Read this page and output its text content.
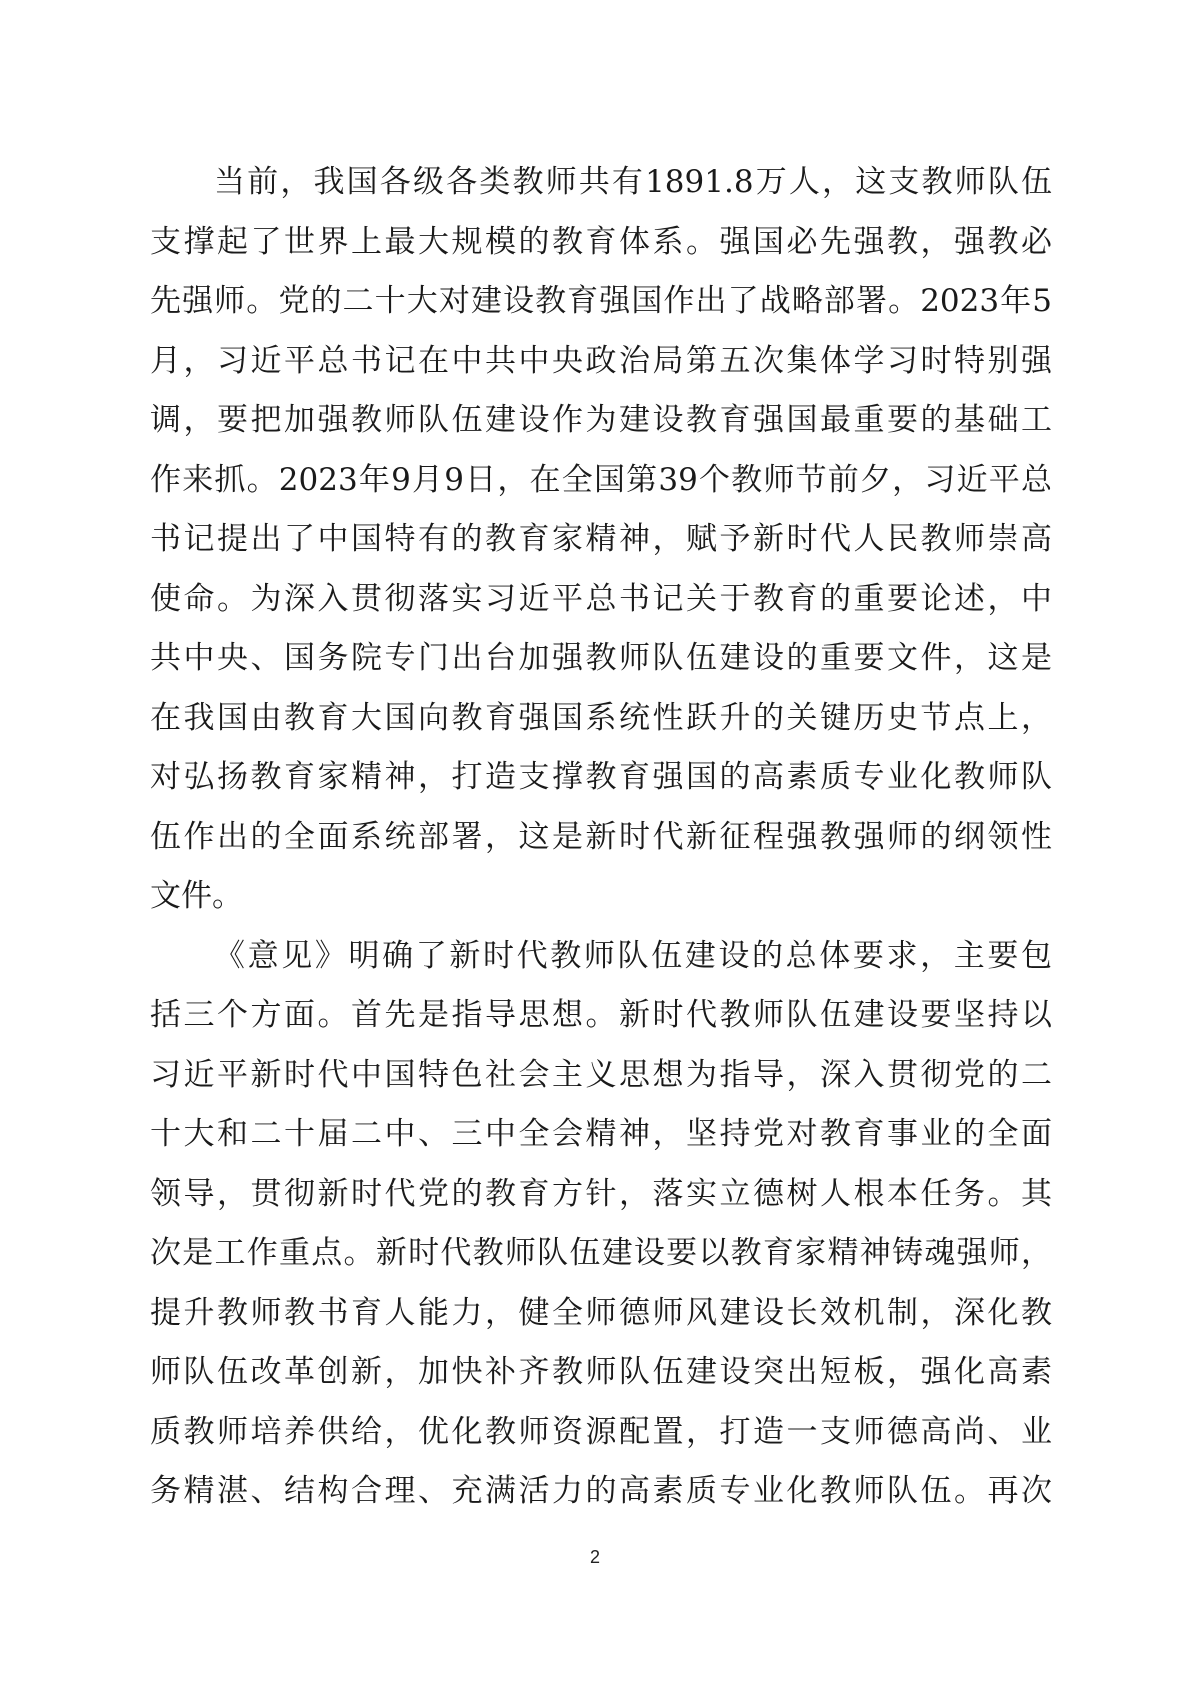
当前，我国各级各类教师共有1891.8万人，这支教师队伍
支撑起了世界上最大规模的教育体系。强国必先强教，强教必
先强师。党的二十大对建设教育强国作出了战略部署。2023年5
月，习近平总书记在中共中央政治局第五次集体学习时特别强
调，要把加强教师队伍建设作为建设教育强国最重要的基础工
作来抓。2023年9月9日，在全国第39个教师节前夕，习近平总
书记提出了中国特有的教育家精神，赋予新时代人民教师崇高
使命。为深入贯彻落实习近平总书记关于教育的重要论述，中
共中央、国务院专门出台加强教师队伍建设的重要文件，这是
在我国由教育大国向教育强国系统性跃升的关键历史节点上，
对弘扬教育家精神，打造支撑教育强国的高素质专业化教师队
伍作出的全面系统部署，这是新时代新征程强教强师的纲领性
文件。
《意见》明确了新时代教师队伍建设的总体要求，主要包
括三个方面。首先是指导思想。新时代教师队伍建设要坚持以
习近平新时代中国特色社会主义思想为指导，深入贯彻党的二
十大和二十届二中、三中全会精神，坚持党对教育事业的全面
领导，贯彻新时代党的教育方针，落实立德树人根本任务。其
次是工作重点。新时代教师队伍建设要以教育家精神铸魂强师，
提升教师教书育人能力，健全师德师风建设长效机制，深化教
师队伍改革创新，加快补齐教师队伍建设突出短板，强化高素
质教师培养供给，优化教师资源配置，打造一支师德高尚、业
务精湛、结构合理、充满活力的高素质专业化教师队伍。再次
2
